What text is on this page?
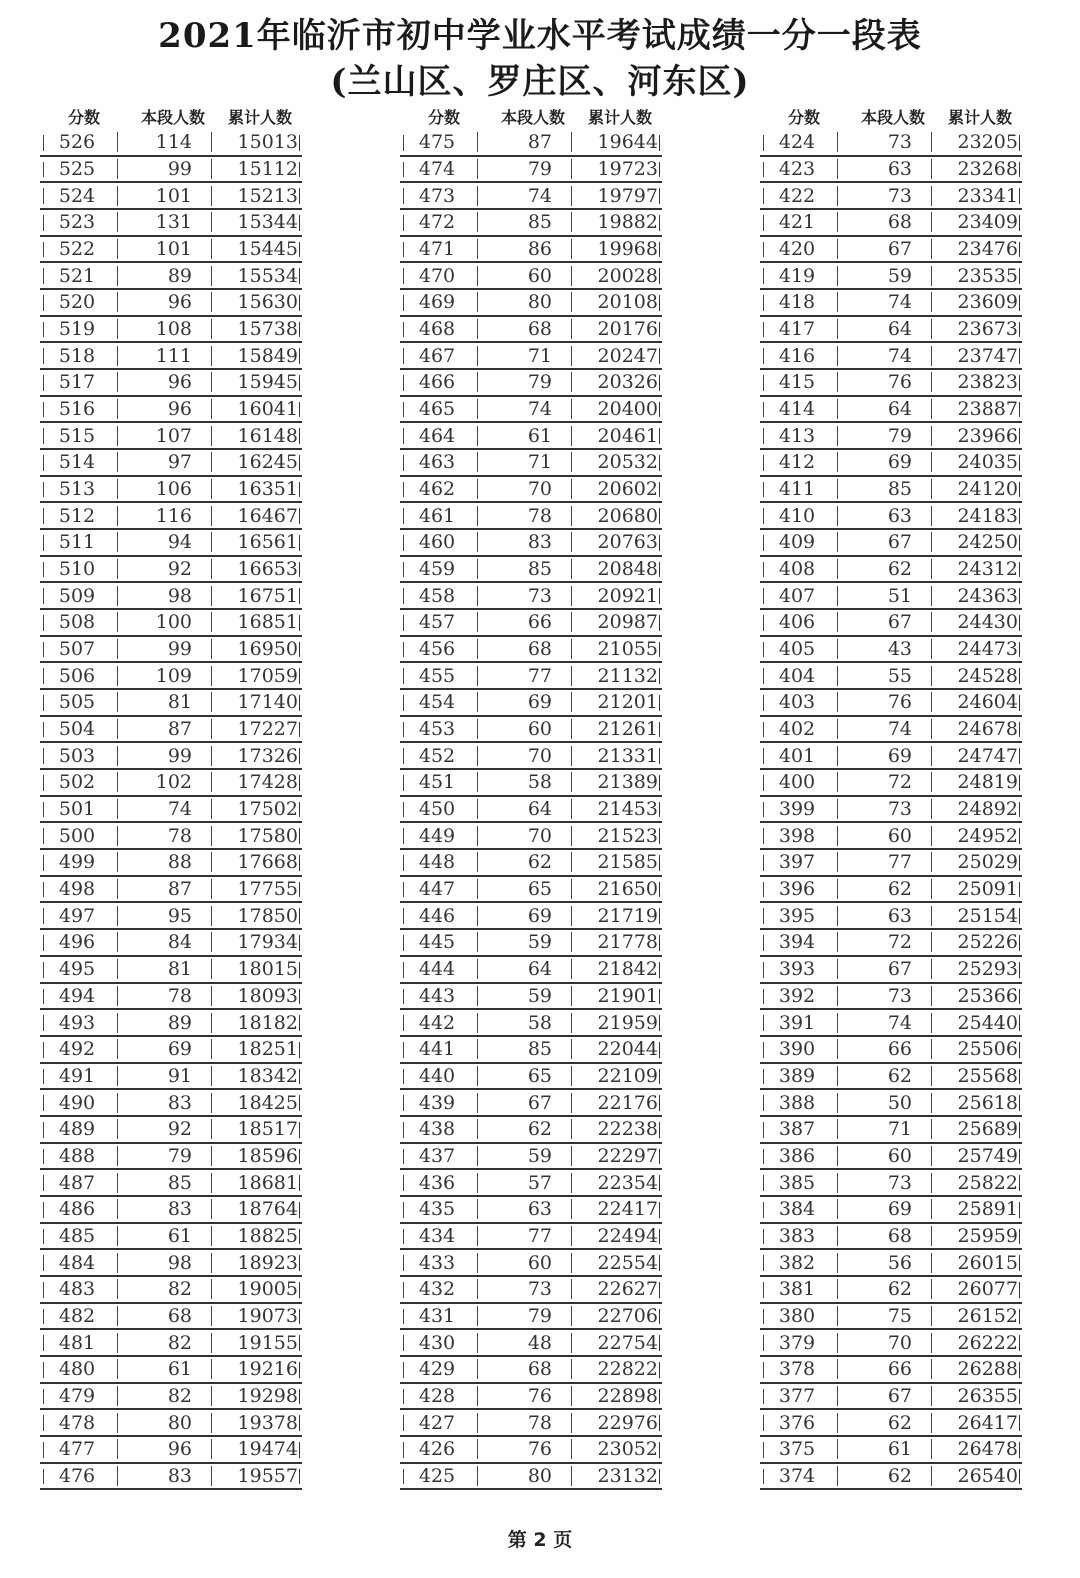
2021年临沂市初中学业水平考试成绩一分一段表
(兰山区、罗庄区、河东区)
分数	本段人数	累计人数
526	114	15013
525	99	15112
524	101	15213
523	131	15344
522	101	15445
521	89	15534
520	96	15630
519	108	15738
518	111	15849
517	96	15945
516	96	16041
515	107	16148
514	97	16245
513	106	16351
512	116	16467
511	94	16561
510	92	16653
509	98	16751
508	100	16851
507	99	16950
506	109	17059
505	81	17140
504	87	17227
503	99	17326
502	102	17428
501	74	17502
500	78	17580
499	88	17668
498	87	17755
497	95	17850
496	84	17934
495	81	18015
494	78	18093
493	89	18182
492	69	18251
491	91	18342
490	83	18425
489	92	18517
488	79	18596
487	85	18681
486	83	18764
485	61	18825
484	98	18923
483	82	19005
482	68	19073
481	82	19155
480	61	19216
479	82	19298
478	80	19378
477	96	19474
476	83	19557
分数	本段人数	累计人数
475	87	19644
474	79	19723
473	74	19797
472	85	19882
471	86	19968
470	60	20028
469	80	20108
468	68	20176
467	71	20247
466	79	20326
465	74	20400
464	61	20461
463	71	20532
462	70	20602
461	78	20680
460	83	20763
459	85	20848
458	73	20921
457	66	20987
456	68	21055
455	77	21132
454	69	21201
453	60	21261
452	70	21331
451	58	21389
450	64	21453
449	70	21523
448	62	21585
447	65	21650
446	69	21719
445	59	21778
444	64	21842
443	59	21901
442	58	21959
441	85	22044
440	65	22109
439	67	22176
438	62	22238
437	59	22297
436	57	22354
435	63	22417
434	77	22494
433	60	22554
432	73	22627
431	79	22706
430	48	22754
429	68	22822
428	76	22898
427	78	22976
426	76	23052
425	80	23132
分数	本段人数	累计人数
424	73	23205
423	63	23268
422	73	23341
421	68	23409
420	67	23476
419	59	23535
418	74	23609
417	64	23673
416	74	23747
415	76	23823
414	64	23887
413	79	23966
412	69	24035
411	85	24120
410	63	24183
409	67	24250
408	62	24312
407	51	24363
406	67	24430
405	43	24473
404	55	24528
403	76	24604
402	74	24678
401	69	24747
400	72	24819
399	73	24892
398	60	24952
397	77	25029
396	62	25091
395	63	25154
394	72	25226
393	67	25293
392	73	25366
391	74	25440
390	66	25506
389	62	25568
388	50	25618
387	71	25689
386	60	25749
385	73	25822
384	69	25891
383	68	25959
382	56	26015
381	62	26077
380	75	26152
379	70	26222
378	66	26288
377	67	26355
376	62	26417
375	61	26478
374	62	26540
第 2 页
